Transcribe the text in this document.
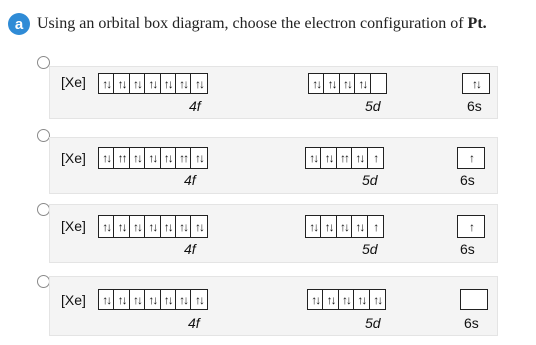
a Using an orbital box diagram, choose the electron configuration of Pt.
[Xe] ↑↓ ↑↓ ↑↓ ↑↓ ↑↓ ↑↓ ↑↓	↑↓ ↑↓ ↑↓ ↑↓	↑↓
4f	5d	6s
[Xe] ↑↓ ↑↑ ↑↓ ↑↓ ↑↓ ↑↑ ↑↓	↑↓ ↑↓ ↑↑ ↑↓ ↑	↑
4f	5d	6s
[Xe] ↑↓ ↑↓ ↑↓ ↑↓ ↑↓ ↑↓ ↑↓	↑↓ ↑↓ ↑↓ ↑↓ ↑	↑
4f	5d	6s
[Xe] ↑↓ ↑↓ ↑↓ ↑↓ ↑↓ ↑↓ ↑↓	↑↓ ↑↓ ↑↓ ↑↓ ↑↓
4f	5d	6s
